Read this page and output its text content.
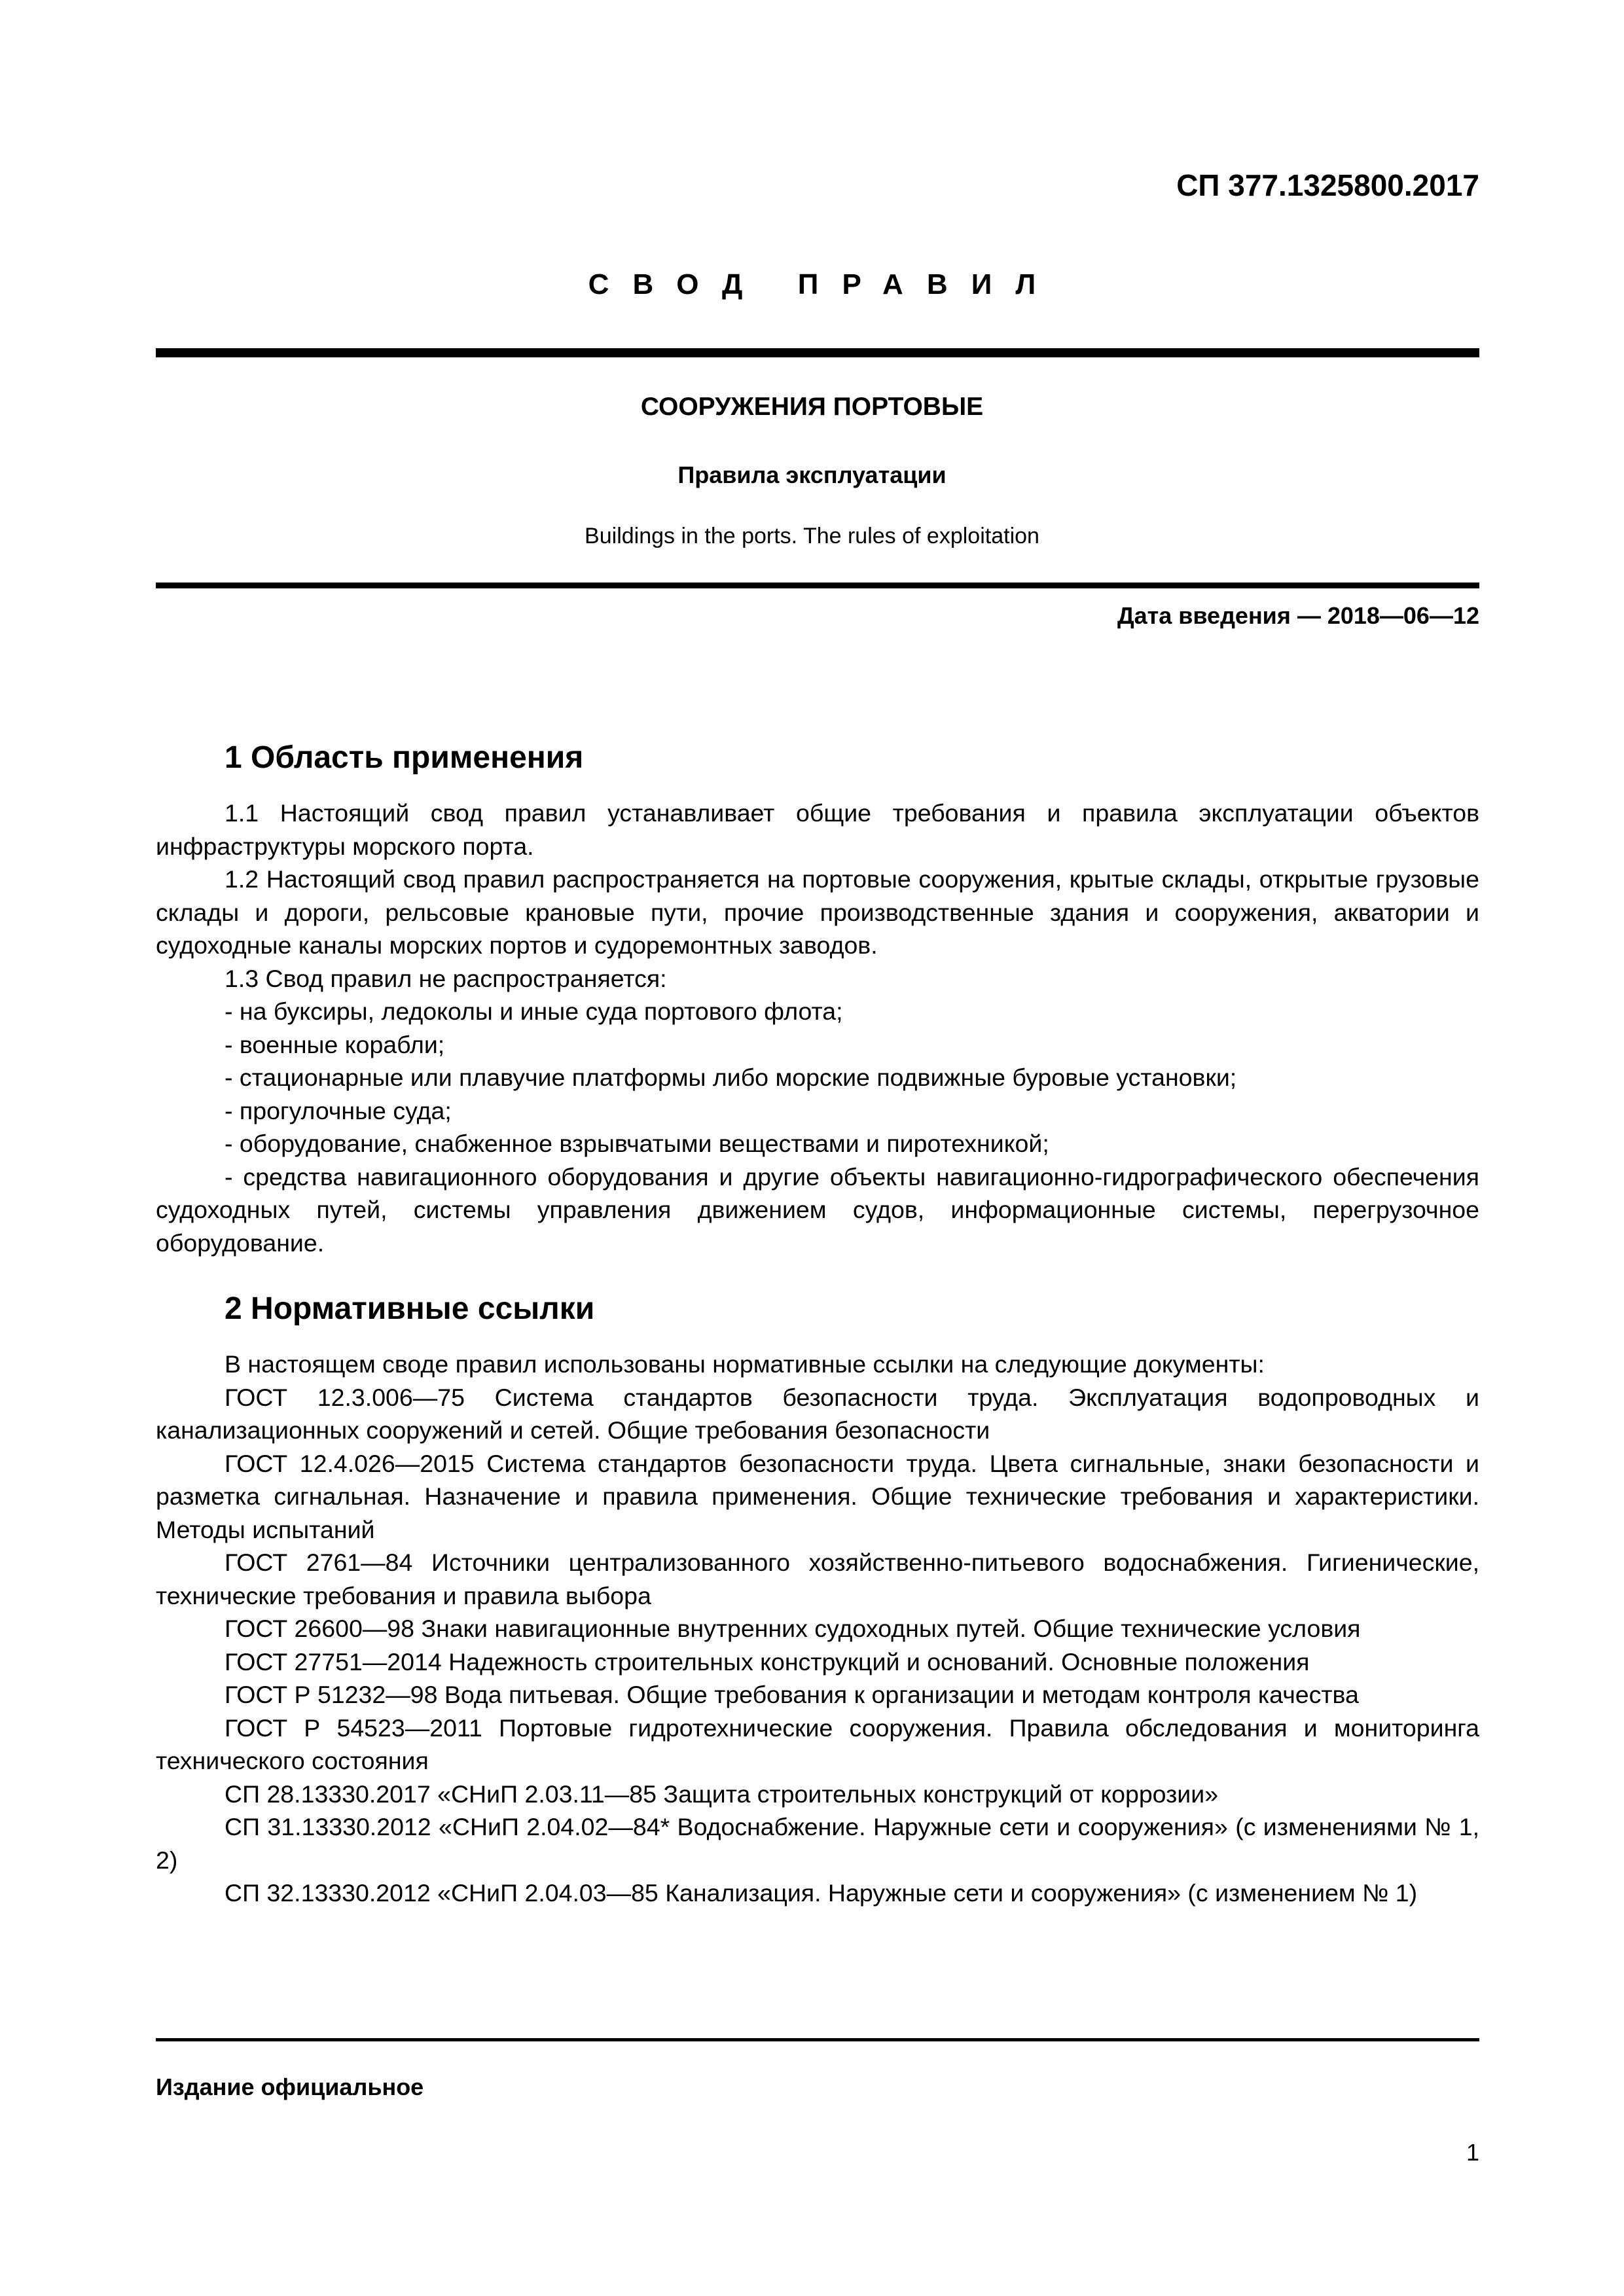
СП 377.1325800.2017
СВОД ПРАВИЛ
СООРУЖЕНИЯ ПОРТОВЫЕ
Правила эксплуатации
Buildings in the ports. The rules of exploitation
Дата введения — 2018—06—12
1 Область применения

1.1 Настоящий свод правил устанавливает общие требования и правила эксплуатации объектов инфраструктуры морского порта.

1.2 Настоящий свод правил распространяется на портовые сооружения, крытые склады, открытые грузовые склады и дороги, рельсовые крановые пути, прочие производственные здания и сооружения, акватории и судоходные каналы морских портов и судоремонтных заводов.

1.3 Свод правил не распространяется:

- на буксиры, ледоколы и иные суда портового флота;

- военные корабли;

- стационарные или плавучие платформы либо морские подвижные буровые установки;

- прогулочные суда;

- оборудование, снабженное взрывчатыми веществами и пиротехникой;

- средства навигационного оборудования и другие объекты навигационно-гидрографического обеспечения судоходных путей, системы управления движением судов, информационные системы, перегрузочное оборудование.

2 Нормативные ссылки

В настоящем своде правил использованы нормативные ссылки на следующие документы:

ГОСТ 12.3.006—75 Система стандартов безопасности труда. Эксплуатация водопроводных и канализационных сооружений и сетей. Общие требования безопасности

ГОСТ 12.4.026—2015 Система стандартов безопасности труда. Цвета сигнальные, знаки безопасности и разметка сигнальная. Назначение и правила применения. Общие технические требования и характеристики. Методы испытаний

ГОСТ 2761—84 Источники централизованного хозяйственно-питьевого водоснабжения. Гигиенические, технические требования и правила выбора

ГОСТ 26600—98 Знаки навигационные внутренних судоходных путей. Общие технические условия

ГОСТ 27751—2014 Надежность строительных конструкций и оснований. Основные положения

ГОСТ Р 51232—98 Вода питьевая. Общие требования к организации и методам контроля качества

ГОСТ Р 54523—2011 Портовые гидротехнические сооружения. Правила обследования и мониторинга технического состояния

СП 28.13330.2017 «СНиП 2.03.11—85 Защита строительных конструкций от коррозии»

СП 31.13330.2012 «СНиП 2.04.02—84* Водоснабжение. Наружные сети и сооружения» (с изменениями № 1, 2)

СП 32.13330.2012 «СНиП 2.04.03—85 Канализация. Наружные сети и сооружения» (с изменением № 1)

Издание официальное
1
